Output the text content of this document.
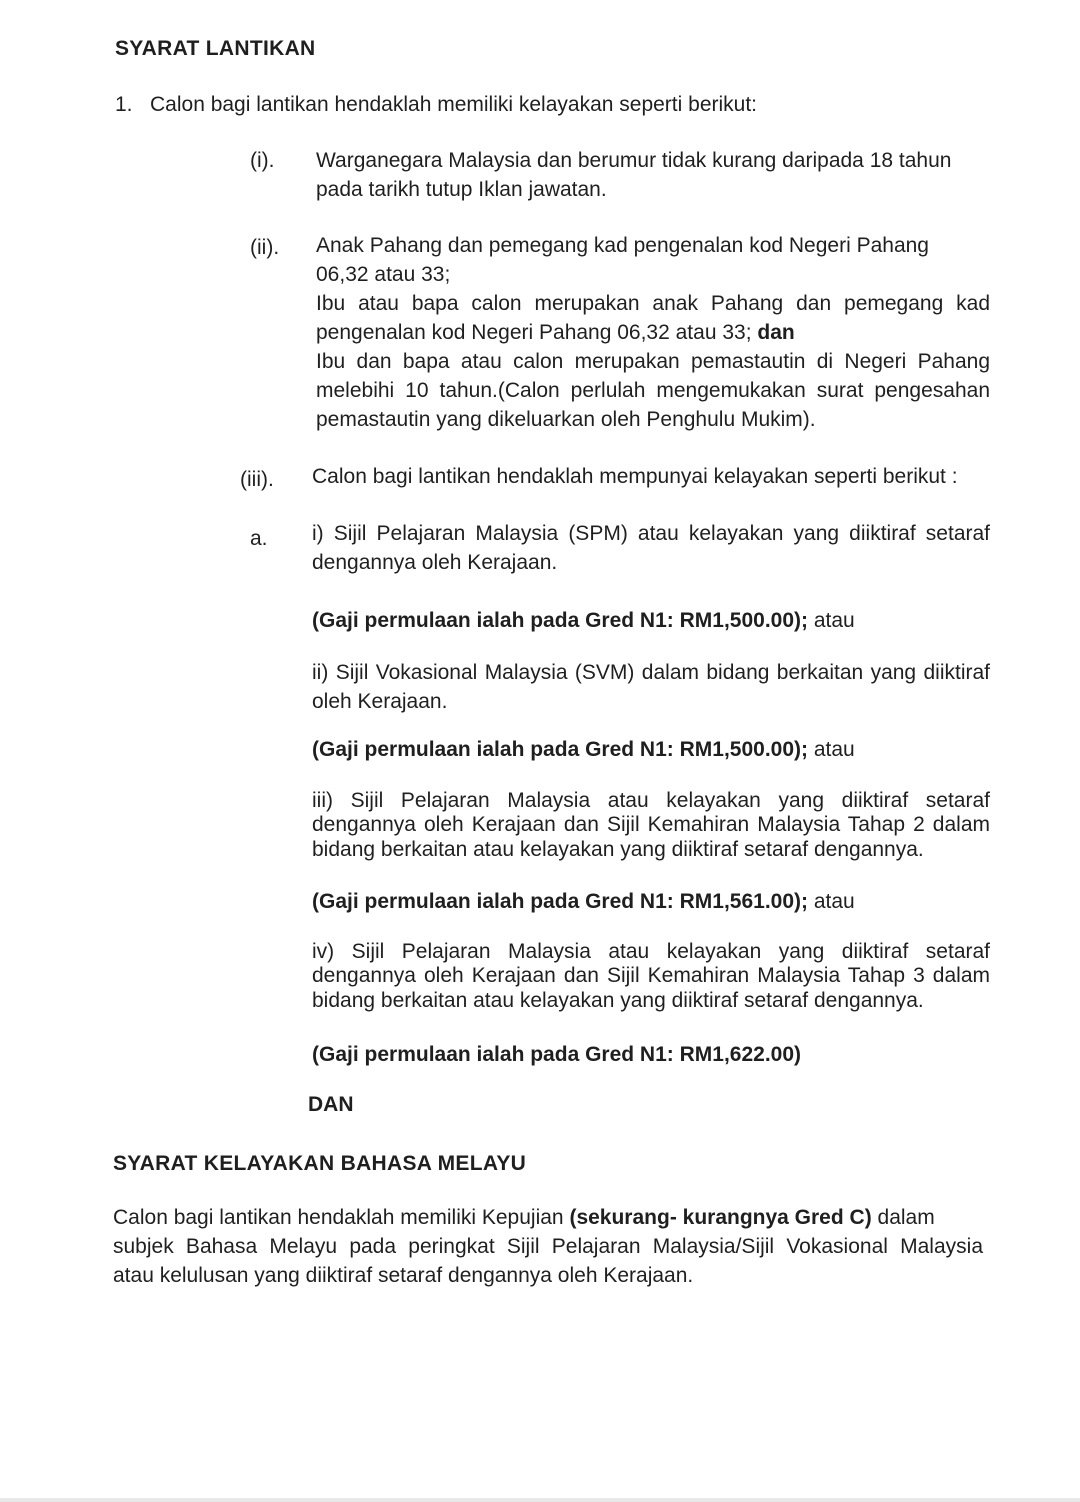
SYARAT LANTIKAN
1. Calon bagi lantikan hendaklah memiliki kelayakan seperti berikut:
(i). Warganegara Malaysia dan berumur tidak kurang daripada 18 tahun
pada tarikh tutup Iklan jawatan.
(ii). Anak Pahang dan pemegang kad pengenalan kod Negeri Pahang
06,32 atau 33;
Ibu atau bapa calon merupakan anak Pahang dan pemegang kad
pengenalan kod Negeri Pahang 06,32 atau 33; dan
Ibu dan bapa atau calon merupakan pemastautin di Negeri Pahang
melebihi 10 tahun.(Calon perlulah mengemukakan surat pengesahan
pemastautin yang dikeluarkan oleh Penghulu Mukim).
(iii). Calon bagi lantikan hendaklah mempunyai kelayakan seperti berikut :
a. i) Sijil Pelajaran Malaysia (SPM) atau kelayakan yang diiktiraf setaraf
dengannya oleh Kerajaan.
(Gaji permulaan ialah pada Gred N1: RM1,500.00); atau
ii) Sijil Vokasional Malaysia (SVM) dalam bidang berkaitan yang diiktiraf
oleh Kerajaan.
(Gaji permulaan ialah pada Gred N1: RM1,500.00); atau
iii) Sijil Pelajaran Malaysia atau kelayakan yang diiktiraf setaraf
dengannya oleh Kerajaan dan Sijil Kemahiran Malaysia Tahap 2 dalam
bidang berkaitan atau kelayakan yang diiktiraf setaraf dengannya.
(Gaji permulaan ialah pada Gred N1: RM1,561.00); atau
iv) Sijil Pelajaran Malaysia atau kelayakan yang diiktiraf setaraf
dengannya oleh Kerajaan dan Sijil Kemahiran Malaysia Tahap 3 dalam
bidang berkaitan atau kelayakan yang diiktiraf setaraf dengannya.
(Gaji permulaan ialah pada Gred N1: RM1,622.00)
DAN
SYARAT KELAYAKAN BAHASA MELAYU
Calon bagi lantikan hendaklah memiliki Kepujian (sekurang- kurangnya Gred C) dalam
subjek Bahasa Melayu pada peringkat Sijil Pelajaran Malaysia/Sijil Vokasional Malaysia
atau kelulusan yang diiktiraf setaraf dengannya oleh Kerajaan.
